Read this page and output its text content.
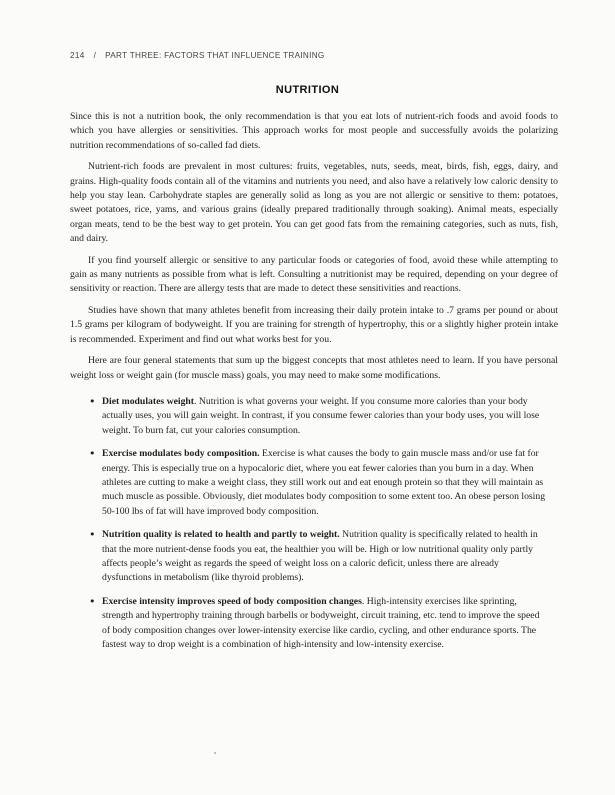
214 / PART THREE: FACTORS THAT INFLUENCE TRAINING
NUTRITION

Since this is not a nutrition book, the only recommendation is that you eat lots of nutrient-rich foods and avoid foods to which you have allergies or sensitivities. This approach works for most people and successfully avoids the polarizing nutrition recommendations of so-called fad diets.

Nutrient-rich foods are prevalent in most cultures: fruits, vegetables, nuts, seeds, meat, birds, fish, eggs, dairy, and grains. High-quality foods contain all of the vitamins and nutrients you need, and also have a relatively low caloric density to help you stay lean. Carbohydrate staples are generally solid as long as you are not allergic or sensitive to them: potatoes, sweet potatoes, rice, yams, and various grains (ideally prepared traditionally through soaking). Animal meats, especially organ meats, tend to be the best way to get protein. You can get good fats from the remaining categories, such as nuts, fish, and dairy.

If you find yourself allergic or sensitive to any particular foods or categories of food, avoid these while attempting to gain as many nutrients as possible from what is left. Consulting a nutritionist may be required, depending on your degree of sensitivity or reaction. There are allergy tests that are made to detect these sensitivities and reactions.

Studies have shown that many athletes benefit from increasing their daily protein intake to .7 grams per pound or about 1.5 grams per kilogram of bodyweight. If you are training for strength of hypertrophy, this or a slightly higher protein intake is recommended. Experiment and find out what works best for you.

Here are four general statements that sum up the biggest concepts that most athletes need to learn. If you have personal weight loss or weight gain (for muscle mass) goals, you may need to make some modifications.

• Diet modulates weight. Nutrition is what governs your weight. If you consume more calories than your body actually uses, you will gain weight. In contrast, if you consume fewer calories than your body uses, you will lose weight. To burn fat, cut your calories consumption.
• Exercise modulates body composition. Exercise is what causes the body to gain muscle mass and/or use fat for energy. This is especially true on a hypocaloric diet, where you eat fewer calories than you burn in a day. When athletes are cutting to make a weight class, they still work out and eat enough protein so that they will maintain as much muscle as possible. Obviously, diet modulates body composition to some extent too. An obese person losing 50-100 lbs of fat will have improved body composition.
• Nutrition quality is related to health and partly to weight. Nutrition quality is specifically related to health in that the more nutrient-dense foods you eat, the healthier you will be. High or low nutritional quality only partly affects people’s weight as regards the speed of weight loss on a caloric deficit, unless there are already dysfunctions in metabolism (like thyroid problems).
• Exercise intensity improves speed of body composition changes. High-intensity exercises like sprinting, strength and hypertrophy training through barbells or bodyweight, circuit training, etc. tend to improve the speed of body composition changes over lower-intensity exercise like cardio, cycling, and other endurance sports. The fastest way to drop weight is a combination of high-intensity and low-intensity exercise.
